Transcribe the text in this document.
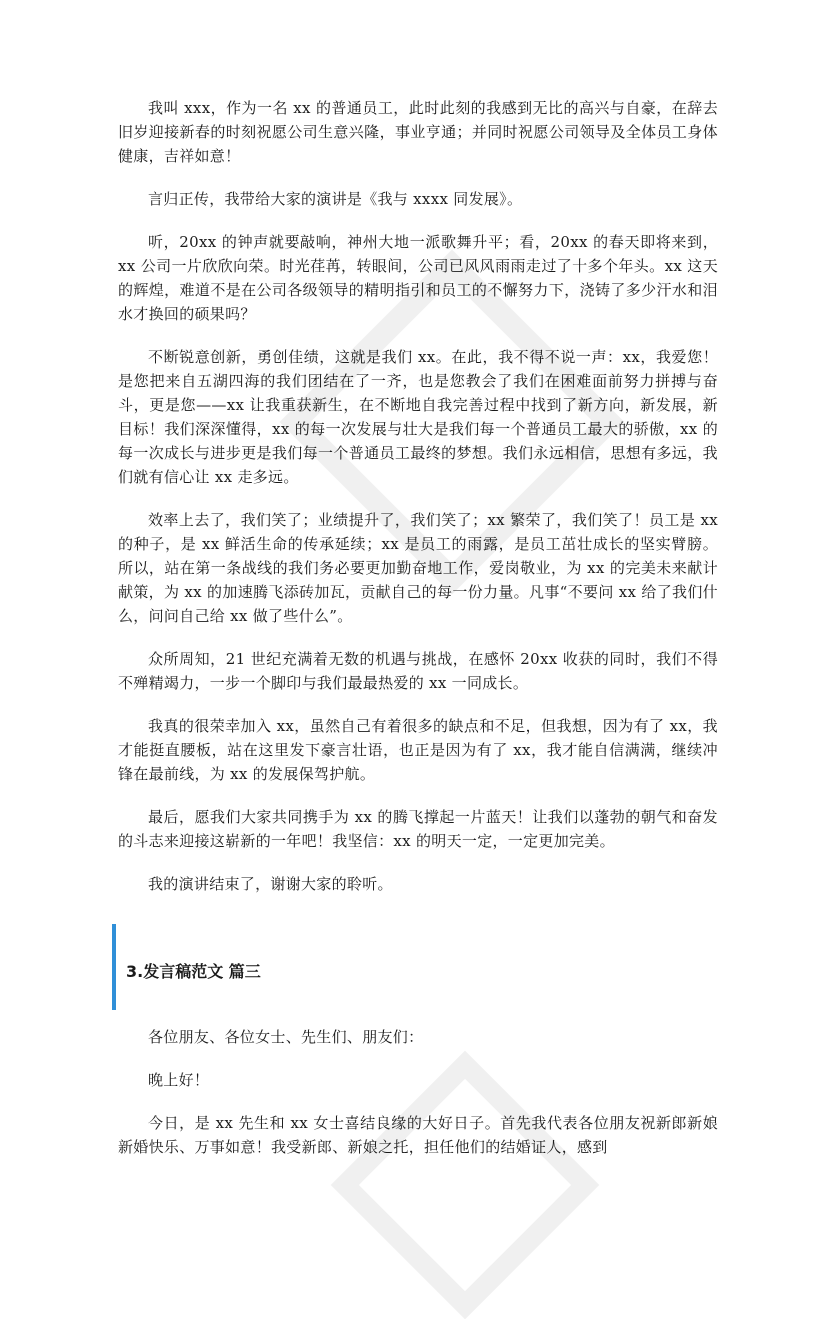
我叫 xxx，作为一名 xx 的普通员工，此时此刻的我感到无比的高兴与自豪，在辞去旧岁迎接新春的时刻祝愿公司生意兴隆，事业亨通；并同时祝愿公司领导及全体员工身体健康，吉祥如意！

言归正传，我带给大家的演讲是《我与 xxxx 同发展》。

听，20xx 的钟声就要敲响，神州大地一派歌舞升平；看，20xx 的春天即将来到，xx 公司一片欣欣向荣。时光荏苒，转眼间，公司已风风雨雨走过了十多个年头。xx 这天的辉煌，难道不是在公司各级领导的精明指引和员工的不懈努力下，浇铸了多少汗水和泪水才换回的硕果吗？

不断锐意创新，勇创佳绩，这就是我们 xx。在此，我不得不说一声：xx，我爱您！是您把来自五湖四海的我们团结在了一齐，也是您教会了我们在困难面前努力拼搏与奋斗，更是您——xx 让我重获新生，在不断地自我完善过程中找到了新方向，新发展，新目标！我们深深懂得，xx 的每一次发展与壮大是我们每一个普通员工最大的骄傲，xx 的每一次成长与进步更是我们每一个普通员工最终的梦想。我们永远相信，思想有多远，我们就有信心让 xx 走多远。

效率上去了，我们笑了；业绩提升了，我们笑了；xx 繁荣了，我们笑了！员工是 xx 的种子，是 xx 鲜活生命的传承延续；xx 是员工的雨露，是员工茁壮成长的坚实臂膀。所以，站在第一条战线的我们务必要更加勤奋地工作，爱岗敬业，为 xx 的完美未来献计献策，为 xx 的加速腾飞添砖加瓦，贡献自己的每一份力量。凡事“不要问 xx 给了我们什么，问问自己给 xx 做了些什么”。

众所周知，21 世纪充满着无数的机遇与挑战，在感怀 20xx 收获的同时，我们不得不殚精竭力，一步一个脚印与我们最最热爱的 xx 一同成长。

我真的很荣幸加入 xx，虽然自己有着很多的缺点和不足，但我想，因为有了 xx，我才能挺直腰板，站在这里发下豪言壮语，也正是因为有了 xx，我才能自信满满，继续冲锋在最前线，为 xx 的发展保驾护航。

最后，愿我们大家共同携手为 xx 的腾飞撑起一片蓝天！让我们以蓬勃的朝气和奋发的斗志来迎接这崭新的一年吧！我坚信：xx 的明天一定，一定更加完美。

我的演讲结束了，谢谢大家的聆听。

3.发言稿范文 篇三

各位朋友、各位女士、先生们、朋友们：

晚上好！

今日，是 xx 先生和 xx 女士喜结良缘的大好日子。首先我代表各位朋友祝新郎新娘新婚快乐、万事如意！我受新郎、新娘之托，担任他们的结婚证人，感到
